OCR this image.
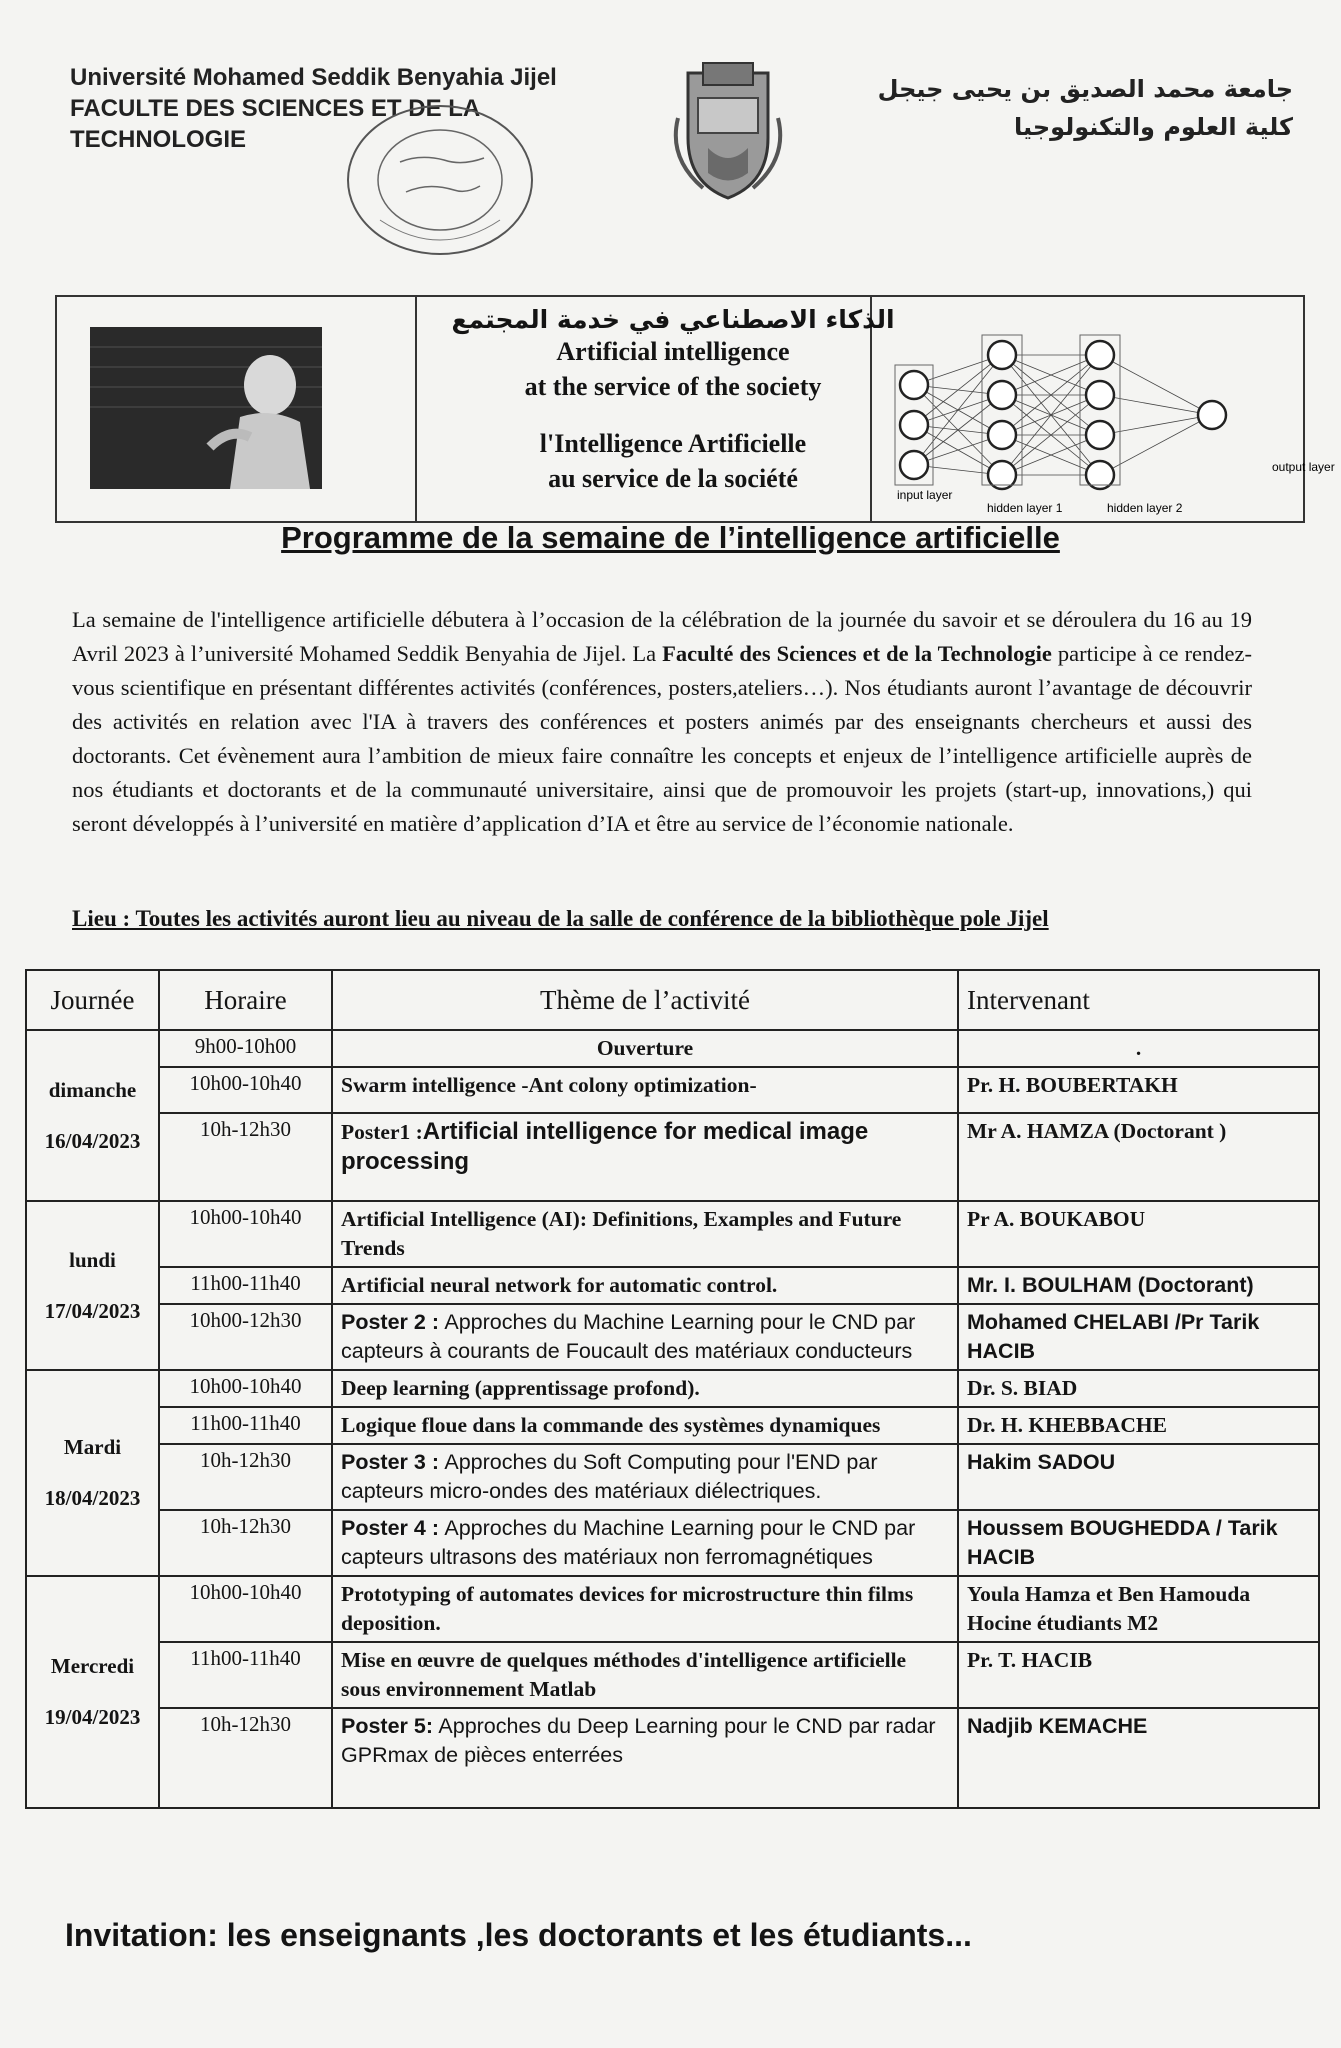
Université Mohamed Seddik Benyahia Jijel
FACULTE DES SCIENCES ET DE LA
TECHNOLOGIE
جامعة محمد الصديق بن يحيى جيجل
كلية العلوم والتكنولوجيا
الذكاء الاصطناعي في خدمة المجتمع
Artificial intelligence
at the service of the society
l'Intelligence Artificielle
au service de la société
input layer
hidden layer 1	hidden layer 2
output layer
Programme de la semaine de l’intelligence artificielle
La semaine de l'intelligence artificielle débutera à l’occasion de la célébration de la journée du savoir et se déroulera du 16 au 19 Avril 2023 à l’université Mohamed Seddik Benyahia de Jijel. La Faculté des Sciences et de la Technologie participe à ce rendez-vous scientifique en présentant différentes activités (conférences, posters,ateliers…). Nos étudiants auront l’avantage de découvrir des activités en relation avec l'IA à travers des conférences et posters animés par des enseignants chercheurs et aussi des doctorants. Cet évènement aura l’ambition de mieux faire connaître les concepts et enjeux de l’intelligence artificielle auprès de nos étudiants et doctorants et de la communauté universitaire, ainsi que de promouvoir les projets (start-up, innovations,) qui seront développés à l’université en matière d’application d’IA et être au service de l’économie nationale.
Lieu : Toutes les activités auront lieu au niveau de la salle de conférence de la bibliothèque pole Jijel
Journée	Horaire	Thème de l’activité	Intervenant

dimanche
16/04/2023	9h00-10h00	Ouverture	.
	10h00-10h40	Swarm intelligence -Ant colony optimization-	Pr. H. BOUBERTAKH
	10h-12h30	Poster1 :Artificial intelligence for medical image processing	Mr A. HAMZA (Doctorant )

lundi
17/04/2023	10h00-10h40	Artificial Intelligence (AI): Definitions, Examples and Future Trends	Pr A. BOUKABOU
	11h00-11h40	Artificial neural network for automatic control.	Mr. I. BOULHAM (Doctorant)
	10h00-12h30	Poster 2 : Approches du Machine Learning pour le CND par capteurs à courants de Foucault des matériaux conducteurs	Mohamed CHELABI /Pr Tarik HACIB

Mardi
18/04/2023	10h00-10h40	Deep learning (apprentissage profond).	Dr. S. BIAD
	11h00-11h40	Logique floue dans la commande des systèmes dynamiques	Dr. H. KHEBBACHE
	10h-12h30	Poster 3 : Approches du Soft Computing pour l'END par capteurs micro-ondes des matériaux diélectriques.	Hakim SADOU
	10h-12h30	Poster 4 : Approches du Machine Learning pour le CND par capteurs ultrasons des matériaux non ferromagnétiques	Houssem BOUGHEDDA / Tarik HACIB

Mercredi
19/04/2023	10h00-10h40	Prototyping of automates devices for microstructure thin films deposition.	Youla Hamza et Ben Hamouda Hocine étudiants M2
	11h00-11h40	Mise en œuvre de quelques méthodes d'intelligence artificielle sous environnement Matlab	Pr. T. HACIB
	10h-12h30	Poster 5: Approches du Deep Learning pour le CND par radar GPRmax de pièces enterrées	Nadjib KEMACHE
Invitation: les enseignants ,les doctorants et les étudiants...
